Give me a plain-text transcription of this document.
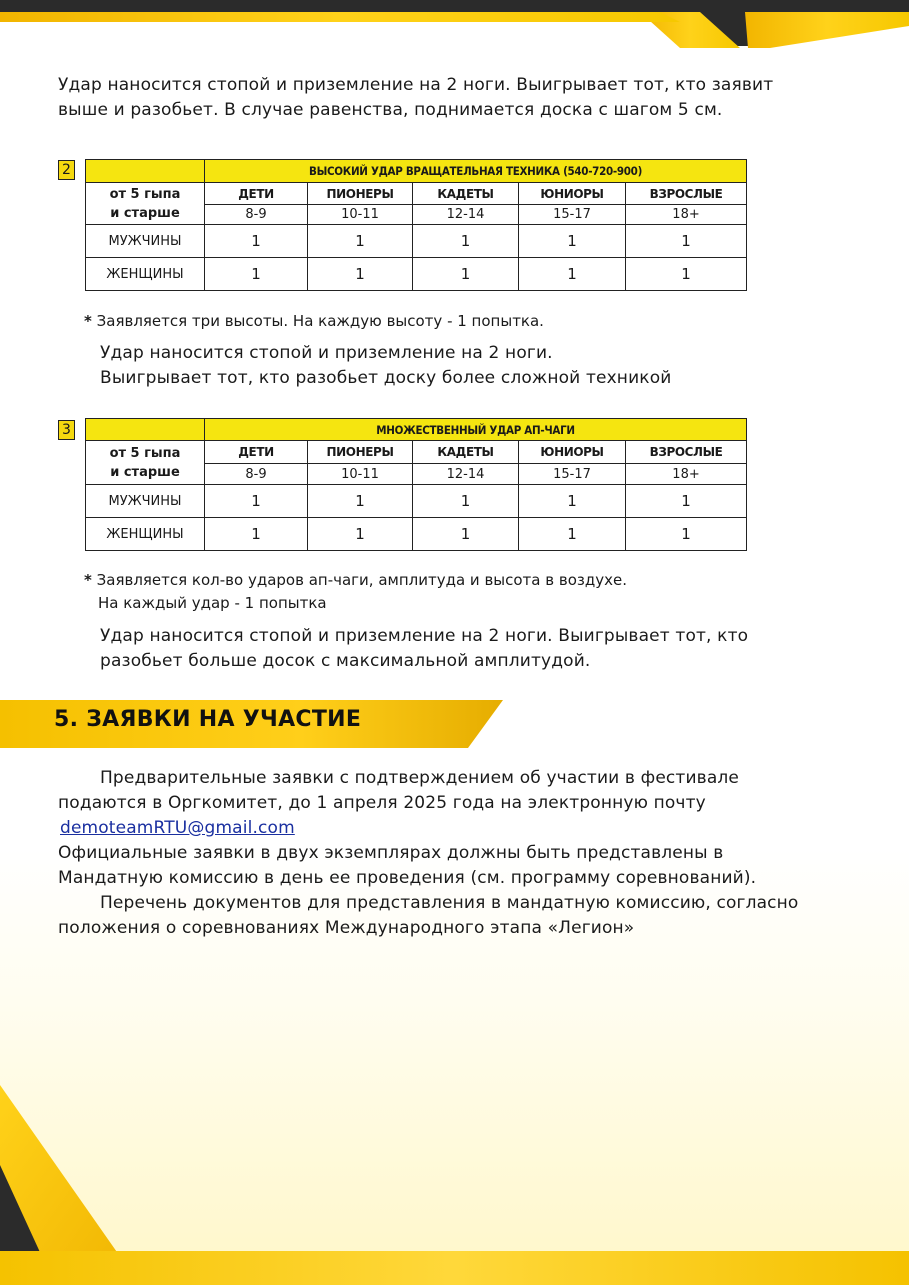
Удар наносится стопой и приземление на 2 ноги. Выигрывает тот, кто заявит
выше и разобьет. В случае равенства, поднимается доска с шагом 5 см.
2
		ВЫСОКИЙ УДАР ВРАЩАТЕЛЬНАЯ ТЕХНИКА (540-720-900)				

от 5 гыпа
и старше	ДЕТИ	ПИОНЕРЫ	КАДЕТЫ	ЮНИОРЫ	ВЗРОСЛЫЕ
	8-9	10-11	12-14	15-17	18+
МУЖЧИНЫ	1	1	1	1	1
ЖЕНЩИНЫ	1	1	1	1	1
* Заявляется три высоты. На каждую высоту - 1 попытка.
Удар наносится стопой и приземление на 2 ноги.
Выигрывает тот, кто разобьет доску более сложной техникой
3
		МНОЖЕСТВЕННЫЙ УДАР АП-ЧАГИ				

от 5 гыпа
и старше	ДЕТИ	ПИОНЕРЫ	КАДЕТЫ	ЮНИОРЫ	ВЗРОСЛЫЕ
	8-9	10-11	12-14	15-17	18+
МУЖЧИНЫ	1	1	1	1	1
ЖЕНЩИНЫ	1	1	1	1	1
* Заявляется кол-во ударов ап-чаги, амплитуда и высота в воздухе.
На каждый удар - 1 попытка
Удар наносится стопой и приземление на 2 ноги. Выигрывает тот, кто
разобьет больше досок с максимальной амплитудой.
5. ЗАЯВКИ НА УЧАСТИЕ
Предварительные заявки с подтверждением об участии в фестивале
подаются в Оргкомитет, до 1 апреля 2025 года на электронную почту
demoteamRTU@gmail.com
Официальные заявки в двух экземплярах должны быть представлены в
Мандатную комиссию в день ее проведения (см. программу соревнований).
Перечень документов для представления в мандатную комиссию, согласно
положения о соревнованиях Международного этапа «Легион»
